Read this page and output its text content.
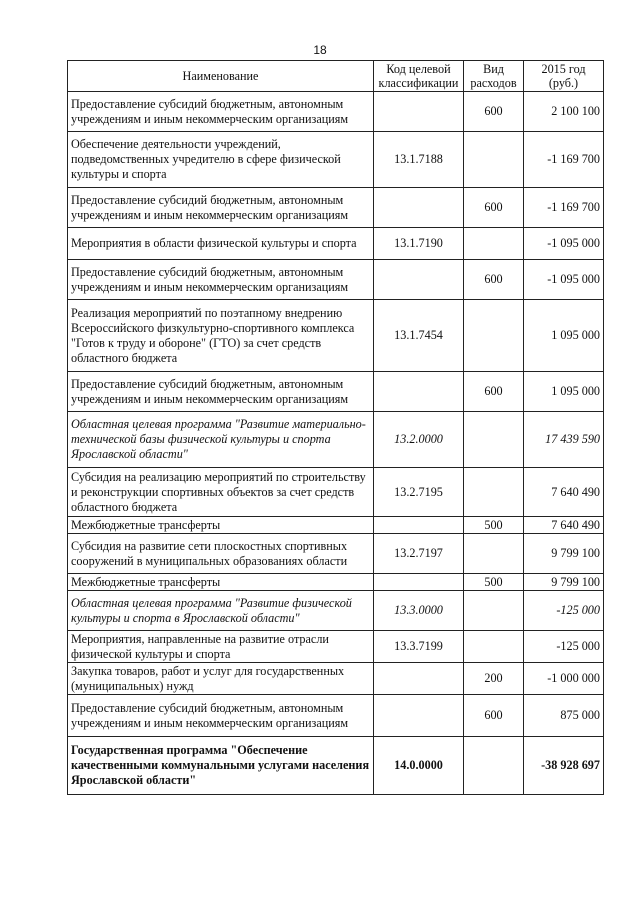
18
Наименование	Код целевой классификации	Вид расходов	2015 год (руб.)
Предоставление субсидий бюджетным, автономным учреждениям и иным некоммерческим организациям		600	2 100 100
Обеспечение деятельности учреждений, подведомственных учредителю в сфере физической культуры и спорта	13.1.7188		-1 169 700
Предоставление субсидий бюджетным, автономным учреждениям и иным некоммерческим организациям		600	-1 169 700
Мероприятия в области физической культуры и спорта	13.1.7190		-1 095 000
Предоставление субсидий бюджетным, автономным учреждениям и иным некоммерческим организациям		600	-1 095 000
Реализация мероприятий по поэтапному внедрению Всероссийского физкультурно-спортивного комплекса "Готов к труду и обороне" (ГТО) за счет средств областного бюджета	13.1.7454		1 095 000
Предоставление субсидий бюджетным, автономным учреждениям и иным некоммерческим организациям		600	1 095 000
Областная целевая программа "Развитие материально-технической базы физической культуры и спорта Ярославской области"	13.2.0000		17 439 590
Субсидия на реализацию мероприятий по строительству и реконструкции спортивных объектов за счет средств областного бюджета	13.2.7195		7 640 490
Межбюджетные трансферты		500	7 640 490
Субсидия на развитие сети плоскостных спортивных сооружений в муниципальных образованиях области	13.2.7197		9 799 100
Межбюджетные трансферты		500	9 799 100
Областная целевая программа "Развитие физической культуры и спорта в Ярославской области"	13.3.0000		-125 000
Мероприятия, направленные на развитие отрасли физической культуры и спорта	13.3.7199		-125 000
Закупка товаров, работ и услуг для государственных (муниципальных) нужд		200	-1 000 000
Предоставление субсидий бюджетным, автономным учреждениям и иным некоммерческим организациям		600	875 000
Государственная программа "Обеспечение качественными коммунальными услугами населения Ярославской области"	14.0.0000		-38 928 697
